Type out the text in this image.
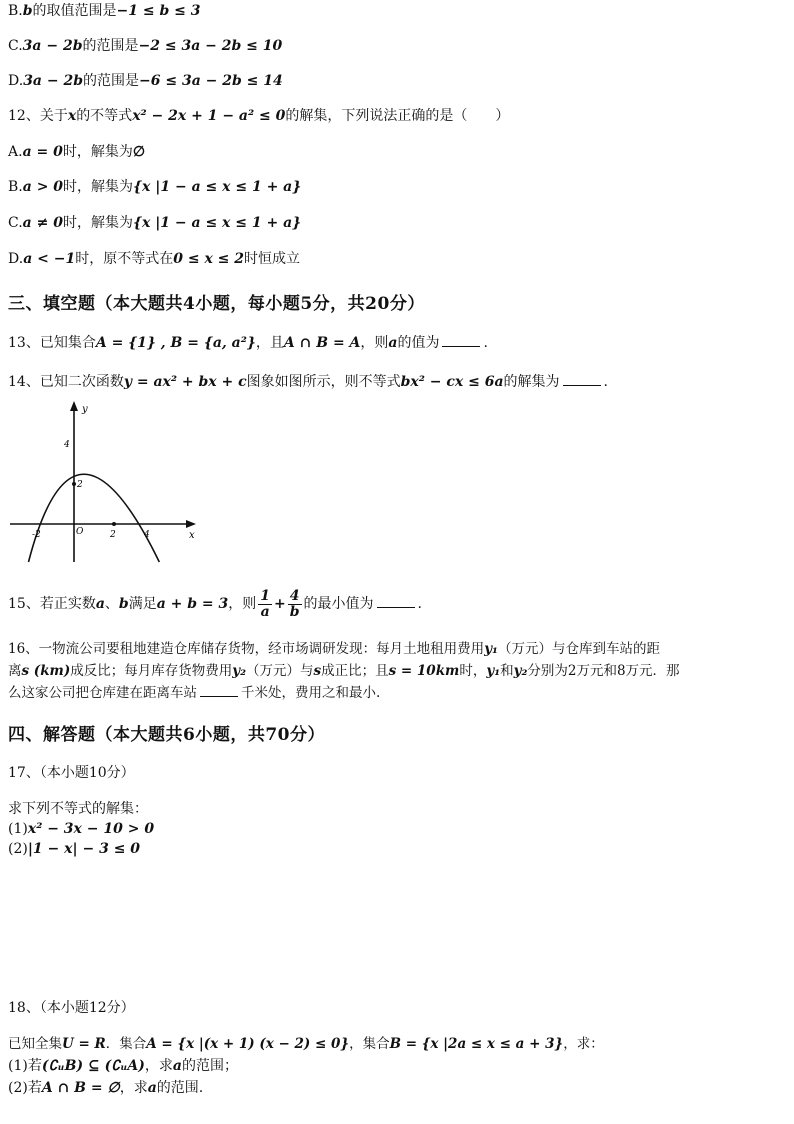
B.b的取值范围是−1 ≤ b ≤ 3
C.3a − 2b的范围是−2 ≤ 3a − 2b ≤ 10
D.3a − 2b的范围是−6 ≤ 3a − 2b ≤ 14
12、关于x的不等式x² − 2x + 1 − a² ≤ 0的解集，下列说法正确的是（　　）
A.a = 0时，解集为∅
B.a > 0时，解集为{x |1 − a ≤ x ≤ 1 + a}
C.a ≠ 0时，解集为{x |1 − a ≤ x ≤ 1 + a}
D.a < −1时，原不等式在0 ≤ x ≤ 2时恒成立
三、填空题（本大题共4小题，每小题5分，共20分）
13、已知集合A = {1} , B = {a, a²}，且A ∩ B = A，则a的值为	.
14、已知二次函数y = ax² + bx + c图象如图所示，则不等式bx² − cx ≤ 6a的解集为	.
y
x
O
-2	2	4
2
4
15、若正实数a、b满足a + b = 3，则 $\frac{1}{a} + \frac{4}{b}$ 的最小值为	.
16、一物流公司要租地建造仓库储存货物，经市场调研发现：每月土地租用费用y₁（万元）与仓库到车站的距
离s (km)成反比；每月库存货物费用y₂（万元）与s成正比；且s = 10km时，y₁和y₂分别为2万元和8万元．那
么这家公司把仓库建在距离车站	千米处，费用之和最小.
四、解答题（本大题共6小题，共70分）
17、（本小题10分）
求下列不等式的解集：
(1)x² − 3x − 10 > 0
(2)|1 − x| − 3 ≤ 0
18、（本小题12分）
已知全集U = R．集合A = {x |(x + 1) (x − 2) ≤ 0}，集合B = {x |2a ≤ x ≤ a + 3}，求：
(1)若(∁ᵤB) ⊆ (∁ᵤA)，求a的范围；
(2)若A ∩ B = ∅，求a的范围.
